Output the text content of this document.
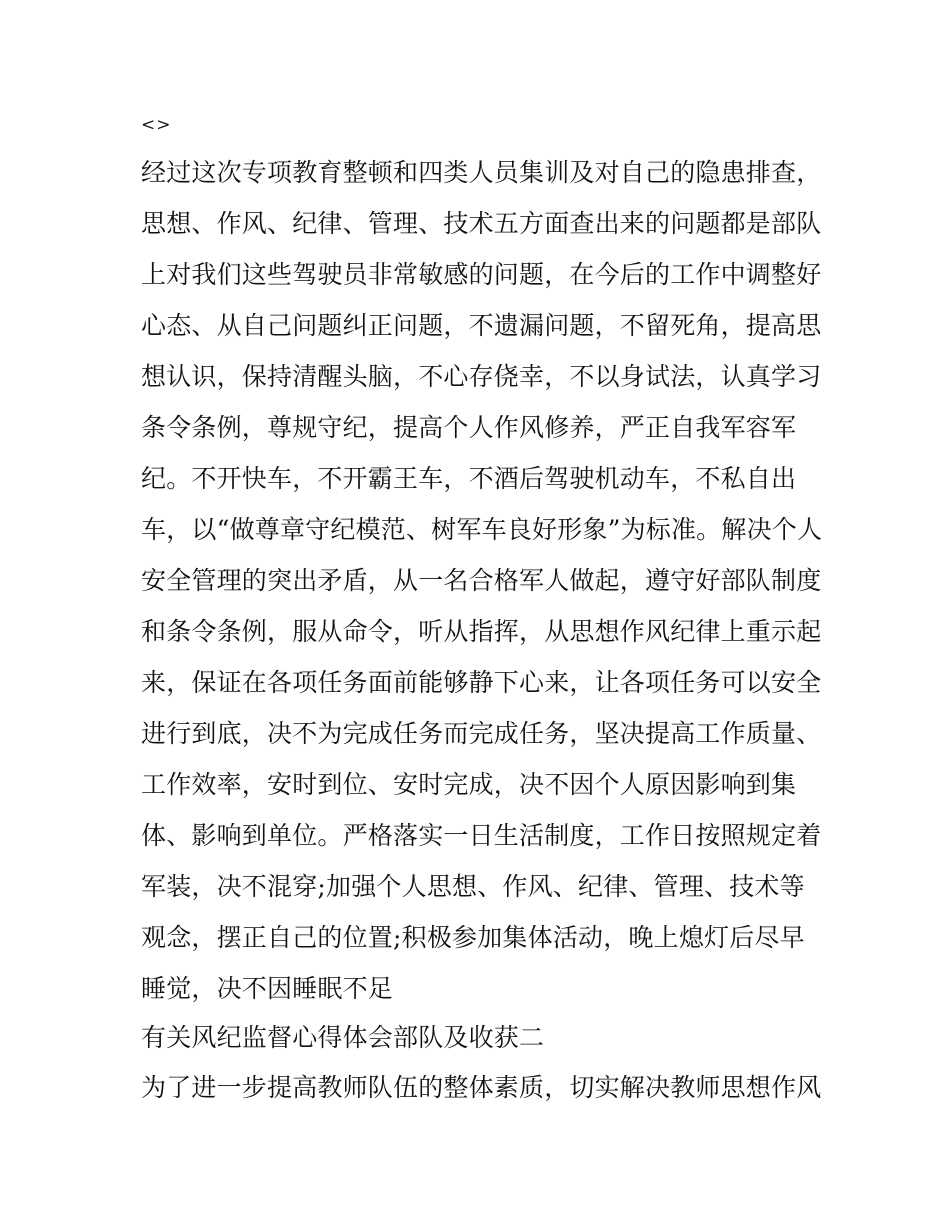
<>
经过这次专项教育整顿和四类人员集训及对自己的隐患排查，
思想、作风、纪律、管理、技术五方面查出来的问题都是部队
上对我们这些驾驶员非常敏感的问题，在今后的工作中调整好
心态、从自己问题纠正问题，不遗漏问题，不留死角，提高思
想认识，保持清醒头脑，不心存侥幸，不以身试法，认真学习
条令条例，尊规守纪，提高个人作风修养，严正自我军容军
纪。不开快车，不开霸王车，不酒后驾驶机动车，不私自出
车，以“做尊章守纪模范、树军车良好形象”为标准。解决个人
安全管理的突出矛盾，从一名合格军人做起，遵守好部队制度
和条令条例，服从命令，听从指挥，从思想作风纪律上重示起
来，保证在各项任务面前能够静下心来，让各项任务可以安全
进行到底，决不为完成任务而完成任务，坚决提高工作质量、
工作效率，安时到位、安时完成，决不因个人原因影响到集
体、影响到单位。严格落实一日生活制度，工作日按照规定着
军装，决不混穿;加强个人思想、作风、纪律、管理、技术等
观念，摆正自己的位置;积极参加集体活动，晚上熄灯后尽早
睡觉，决不因睡眠不足
有关风纪监督心得体会部队及收获二
为了进一步提高教师队伍的整体素质，切实解决教师思想作风
